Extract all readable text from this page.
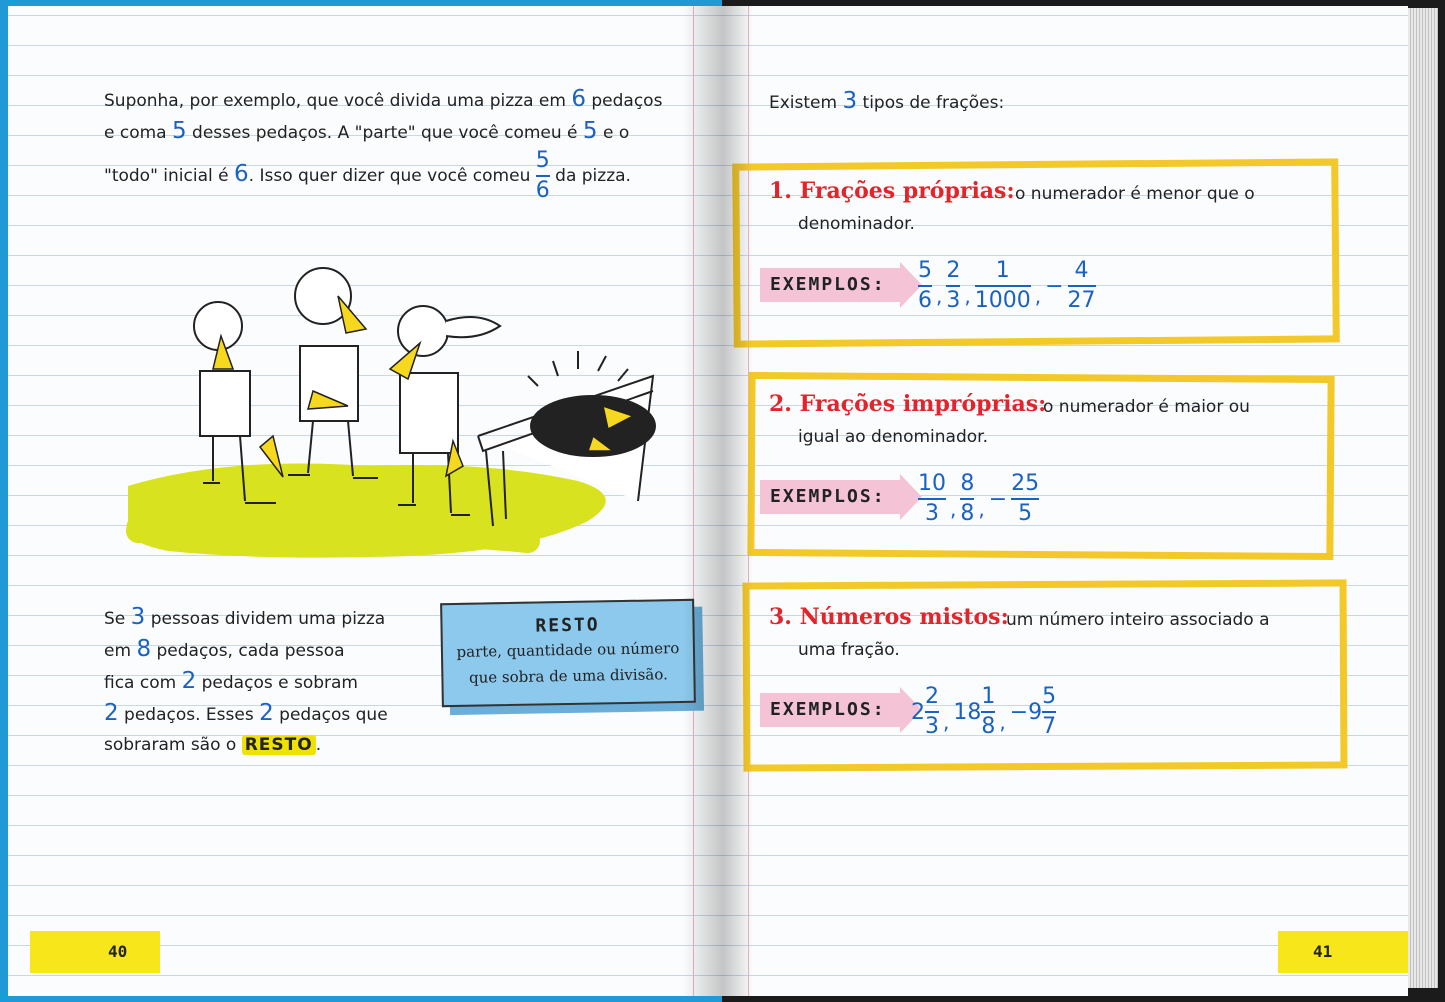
Suponha, por exemplo, que você divida uma pizza em 6 pedaços
e coma 5 desses pedaços. A "parte" que você comeu é 5 e o
"todo" inicial é 6. Isso quer dizer que você comeu $\frac{5}{6}$ da pizza.
Se 3 pessoas dividem uma pizza
em 8 pedaços, cada pessoa
fica com 2 pedaços e sobram
2 pedaços. Esses 2 pedaços que
sobraram são o RESTO .
RESTO
parte, quantidade ou número
que sobra de uma divisão.
40
Existem 3 tipos de frações:
1. Frações próprias: o numerador é menor que o
denominador.
EXEMPLOS:	$\frac{5}{6}$ , $\frac{2}{3}$ , $\frac{1}{1000}$ , − $\frac{4}{27}$
2. Frações impróprias:
o numerador é maior ou
igual ao denominador.
EXEMPLOS:	$\frac{10}{3}$ , $\frac{8}{8}$ , − $\frac{25}{5}$
3. Números mistos:
um número inteiro associado a
uma fração.
EXEMPLOS:	$2 \frac{2}{3}$ , $18 \frac{1}{8}$ , $-9 \frac{5}{7}$
41
